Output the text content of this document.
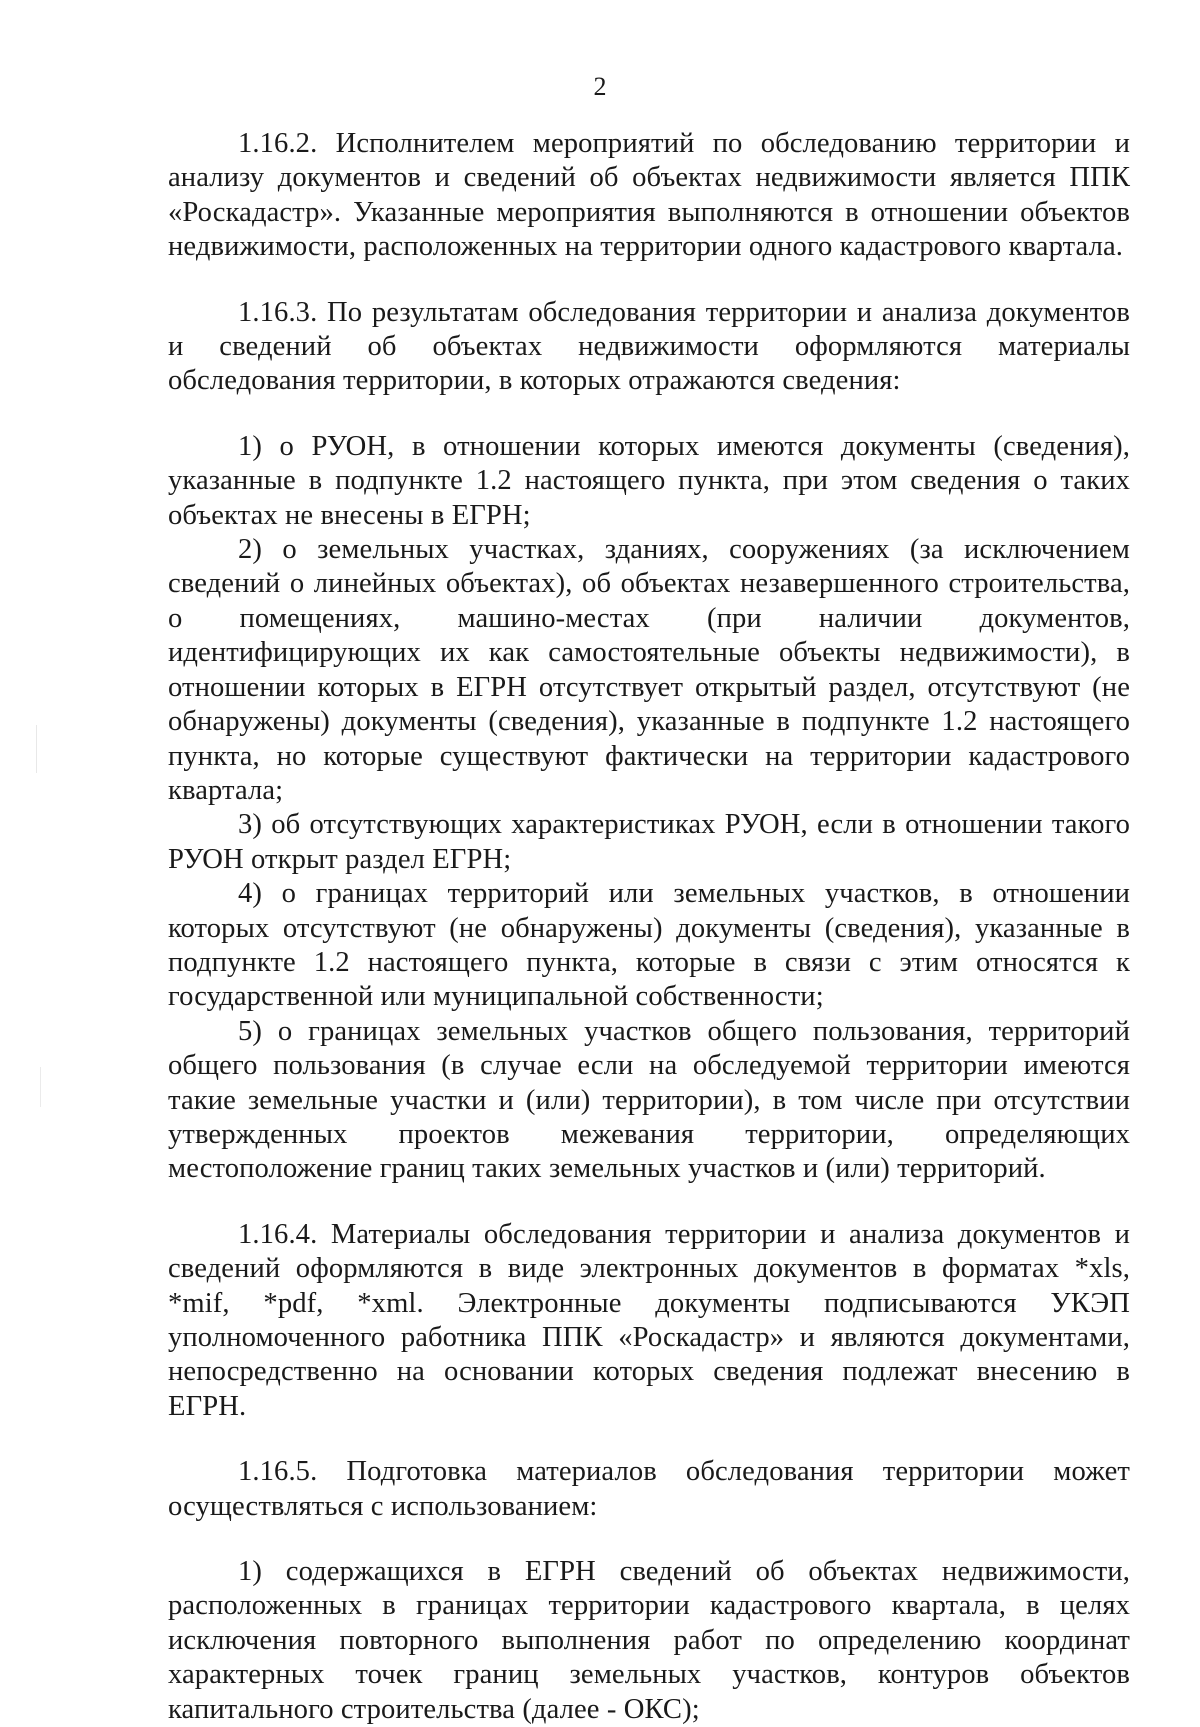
2

1.16.2. Исполнителем мероприятий по обследованию территории и анализу документов и сведений об объектах недвижимости является ППК «Роскадастр». Указанные мероприятия выполняются в отношении объектов недвижимости, расположенных на территории одного кадастрового квартала.

1.16.3. По результатам обследования территории и анализа документов и сведений об объектах недвижимости оформляются материалы обследования территории, в которых отражаются сведения:

1) о РУОН, в отношении которых имеются документы (сведения), указанные в подпункте 1.2 настоящего пункта, при этом сведения о таких объектах не внесены в ЕГРН;

2) о земельных участках, зданиях, сооружениях (за исключением сведений о линейных объектах), об объектах незавершенного строительства, о помещениях, машино-местах (при наличии документов, идентифицирующих их как самостоятельные объекты недвижимости), в отношении которых в ЕГРН отсутствует открытый раздел, отсутствуют (не обнаружены) документы (сведения), указанные в подпункте 1.2 настоящего пункта, но которые существуют фактически на территории кадастрового квартала;

3) об отсутствующих характеристиках РУОН, если в отношении такого РУОН открыт раздел ЕГРН;

4) о границах территорий или земельных участков, в отношении которых отсутствуют (не обнаружены) документы (сведения), указанные в подпункте 1.2 настоящего пункта, которые в связи с этим относятся к государственной или муниципальной собственности;

5) о границах земельных участков общего пользования, территорий общего пользования (в случае если на обследуемой территории имеются такие земельные участки и (или) территории), в том числе при отсутствии утвержденных проектов межевания территории, определяющих местоположение границ таких земельных участков и (или) территорий.

1.16.4. Материалы обследования территории и анализа документов и сведений оформляются в виде электронных документов в форматах *xls, *mif, *pdf, *xml. Электронные документы подписываются УКЭП уполномоченного работника ППК «Роскадастр» и являются документами, непосредственно на основании которых сведения подлежат внесению в ЕГРН.

1.16.5. Подготовка материалов обследования территории может осуществляться с использованием:

1) содержащихся в ЕГРН сведений об объектах недвижимости, расположенных в границах территории кадастрового квартала, в целях исключения повторного выполнения работ по определению координат характерных точек границ земельных участков, контуров объектов капитального строительства (далее - ОКС);
